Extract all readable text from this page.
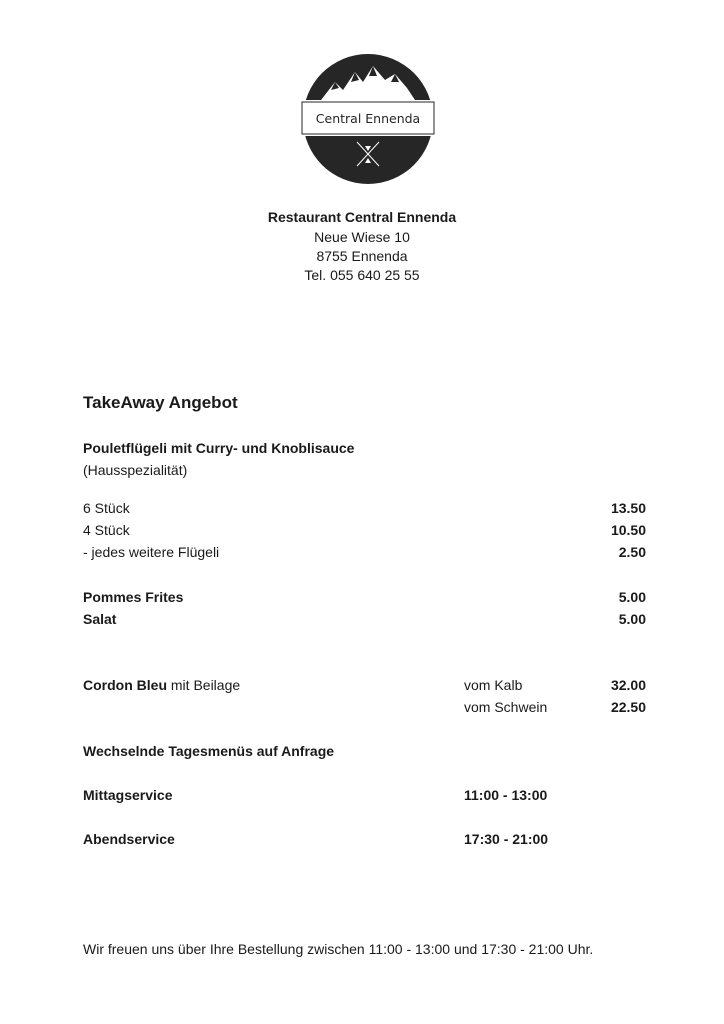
Central Ennenda
Restaurant Central Ennenda
Neue Wiese 10
8755 Ennenda
Tel. 055 640 25 55
TakeAway Angebot
Pouletflügeli mit Curry- und Knoblisauce
(Hausspezialität)
6 Stück	13.50
4 Stück	10.50
- jedes weitere Flügeli	2.50
Pommes Frites	5.00
Salat	5.00
Cordon Bleu mit Beilage	vom Kalb	32.00
vom Schwein	22.50
Wechselnde Tagesmenüs auf Anfrage
Mittagservice	11:00 - 13:00
Abendservice	17:30 - 21:00
Wir freuen uns über Ihre Bestellung zwischen 11:00 - 13:00 und 17:30 - 21:00 Uhr.
